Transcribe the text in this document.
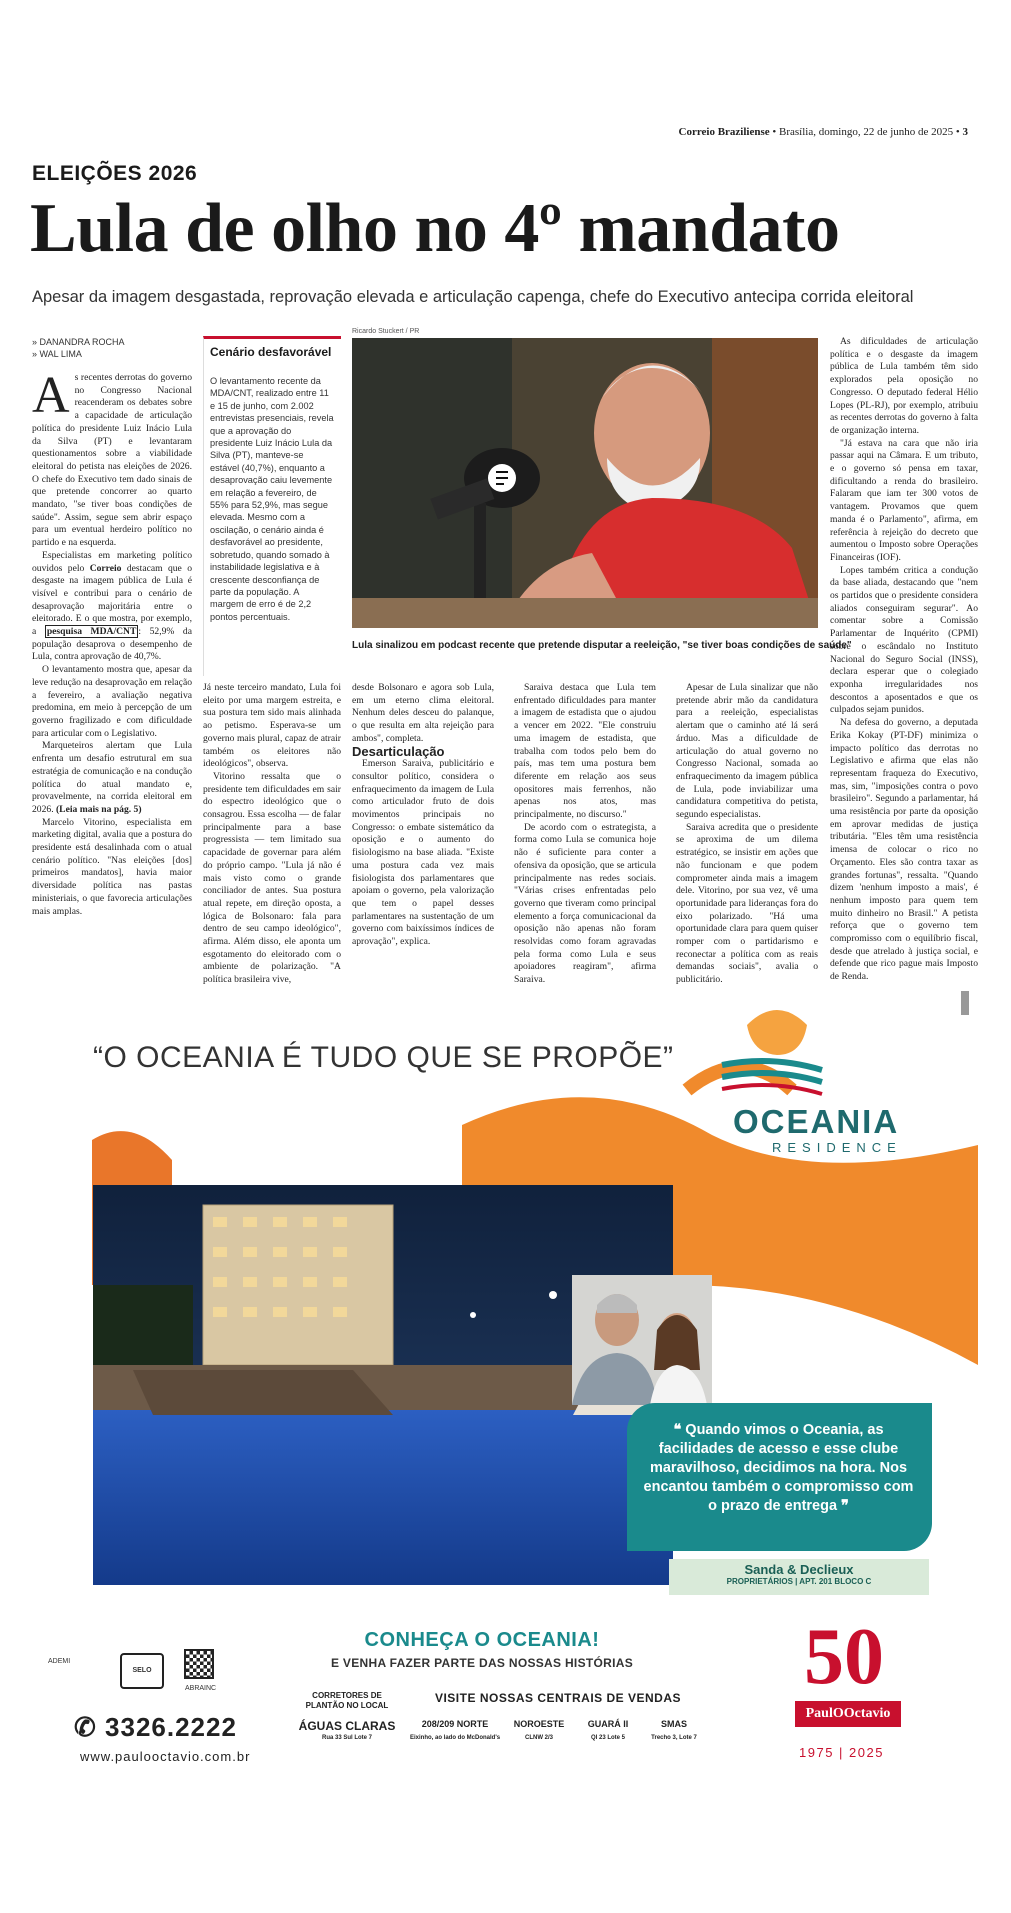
Correio Braziliense • Brasília, domingo, 22 de junho de 2025 • 3
ELEIÇÕES 2026
Lula de olho no 4º mandato
Apesar da imagem desgastada, reprovação elevada e articulação capenga, chefe do Executivo antecipa corrida eleitoral
» DANANDRA ROCHA
» WAL LIMA

As recentes derrotas do governo no Congresso Nacional reacenderam os debates sobre a capacidade de articulação política do presidente Luiz Inácio Lula da Silva (PT) e levantaram questionamentos sobre a viabilidade eleitoral do petista nas eleições de 2026. O chefe do Executivo tem dado sinais de que pretende concorrer ao quarto mandato, "se tiver boas condições de saúde". Assim, segue sem abrir espaço para um eventual herdeiro político no partido e na esquerda.

Especialistas em marketing político ouvidos pelo Correio destacam que o desgaste na imagem pública de Lula é visível e contribui para o cenário de desaprovação majoritária entre o eleitorado. E o que mostra, por exemplo, a pesquisa MDA/CNT : 52,9% da população desaprova o desempenho de Lula, contra aprovação de 40,7%.

O levantamento mostra que, apesar da leve redução na desaprovação em relação a fevereiro, a avaliação negativa predomina, em meio à percepção de um governo fragilizado e com dificuldade para articular com o Legislativo.

Marqueteiros alertam que Lula enfrenta um desafio estrutural em sua estratégia de comunicação e na condução política do atual mandato e, provavelmente, na corrida eleitoral em 2026. (Leia mais na pág. 5)

Marcelo Vitorino, especialista em marketing digital, avalia que a postura do presidente está desalinhada com o atual cenário político. "Nas eleições [dos] primeiros mandatos], havia maior diversidade política nas pastas ministeriais, o que favorecia articulações mais amplas.

Cenário desfavorável

O levantamento recente da MDA/CNT, realizado entre 11 e 15 de junho, com 2.002 entrevistas presenciais, revela que a aprovação do presidente Luiz Inácio Lula da Silva (PT), manteve-se estável (40,7%), enquanto a desaprovação caiu levemente em relação a fevereiro, de 55% para 52,9%, mas segue elevada. Mesmo com a oscilação, o cenário ainda é desfavorável ao presidente, sobretudo, quando somado à instabilidade legislativa e à crescente desconfiança de parte da população. A margem de erro é de 2,2 pontos percentuais.

Ricardo Stuckert / PR
Lula sinalizou em podcast recente que pretende disputar a reeleição, "se tiver boas condições de saúde"

Já neste terceiro mandato, Lula foi eleito por uma margem estreita, e sua postura tem sido mais alinhada ao petismo. Esperava-se um governo mais plural, capaz de atrair também os eleitores não ideológicos", observa.

Vitorino ressalta que o presidente tem dificuldades em sair do espectro ideológico que o consagrou. Essa escolha — de falar principalmente para a base progressista — tem limitado sua capacidade de governar para além do próprio campo. "Lula já não é mais visto como o grande conciliador de antes. Sua postura atual repete, em direção oposta, a lógica de Bolsonaro: fala para dentro de seu campo ideológico", afirma. Além disso, ele aponta um esgotamento do eleitorado com o ambiente de polarização. "A política brasileira vive,

desde Bolsonaro e agora sob Lula, em um eterno clima eleitoral. Nenhum deles desceu do palanque, o que resulta em alta rejeição para ambos", completa.

Desarticulação

Emerson Saraiva, publicitário e consultor político, considera o enfraquecimento da imagem de Lula como articulador fruto de dois movimentos principais no Congresso: o embate sistemático da oposição e o aumento do fisiologismo na base aliada. "Existe uma postura cada vez mais fisiologista dos parlamentares que apoiam o governo, pela valorização que tem o papel desses parlamentares na sustentação de um governo com baixíssimos índices de aprovação", explica.

Saraiva destaca que Lula tem enfrentado dificuldades para manter a imagem de estadista que o ajudou a vencer em 2022. "Ele construiu uma imagem de estadista, que trabalha com todos pelo bem do país, mas tem uma postura bem diferente em relação aos seus opositores mais ferrenhos, não apenas nos atos, mas principalmente, no discurso."

De acordo com o estrategista, a forma como Lula se comunica hoje não é suficiente para conter a ofensiva da oposição, que se articula principalmente nas redes sociais. "Várias crises enfrentadas pelo governo que tiveram como principal elemento a força comunicacional da oposição não apenas não foram resolvidas como foram agravadas pela forma como Lula e seus apoiadores reagiram", afirma Saraiva.

Apesar de Lula sinalizar que não pretende abrir mão da candidatura para a reeleição, especialistas alertam que o caminho até lá será árduo. Mas a dificuldade de articulação do atual governo no Congresso Nacional, somada ao enfraquecimento da imagem pública de Lula, pode inviabilizar uma candidatura competitiva do petista, segundo especialistas.

Saraiva acredita que o presidente se aproxima de um dilema estratégico, se insistir em ações que não funcionam e que podem comprometer ainda mais a imagem dele. Vitorino, por sua vez, vê uma oportunidade para lideranças fora do eixo polarizado. "Há uma oportunidade clara para quem quiser romper com o partidarismo e reconectar a política com as reais demandas sociais", avalia o publicitário.

As dificuldades de articulação política e o desgaste da imagem pública de Lula também têm sido explorados pela oposição no Congresso. O deputado federal Hélio Lopes (PL-RJ), por exemplo, atribuiu as recentes derrotas do governo à falta de organização interna.

"Já estava na cara que não iria passar aqui na Câmara. E um tributo, e o governo só pensa em taxar, dificultando a renda do brasileiro. Falaram que iam ter 300 votos de vantagem. Provamos que quem manda é o Parlamento", afirma, em referência à rejeição do decreto que aumentou o Imposto sobre Operações Financeiras (IOF).

Lopes também critica a condução da base aliada, destacando que "nem os partidos que o presidente considera aliados conseguiram segurar". Ao comentar sobre a Comissão Parlamentar de Inquérito (CPMI) sobre o escândalo no Instituto Nacional do Seguro Social (INSS), declara esperar que o colegiado exponha irregularidades nos descontos a aposentados e que os culpados sejam punidos.

Na defesa do governo, a deputada Erika Kokay (PT-DF) minimiza o impacto político das derrotas no Legislativo e afirma que elas não representam fraqueza do Executivo, mas, sim, "imposições contra o povo brasileiro". Segundo a parlamentar, há uma resistência por parte da oposição em aprovar medidas de justiça tributária. "Eles têm uma resistência imensa de colocar o rico no Orçamento. Eles são contra taxar as grandes fortunas", ressalta. "Quando dizem 'nenhum imposto a mais', é nenhum imposto para quem tem muito dinheiro no Brasil." A petista reforça que o governo tem compromisso com o equilíbrio fiscal, desde que atrelado à justiça social, e defende que rico pague mais Imposto de Renda.

“O OCEANIA É TUDO QUE SE PROPÕE”
OCEANIA
RESIDENCE
❝ Quando vimos o Oceania, as facilidades de acesso e esse clube maravilhoso, decidimos na hora. Nos encantou também o compromisso com o prazo de entrega ❞
Sanda & Declieux
PROPRIETÁRIOS | APT. 201 BLOCO C
CONHEÇA O OCEANIA!
E VENHA FAZER PARTE DAS NOSSAS HISTÓRIAS
ADEMI
SELO
ABRAINC
✆ 3326.2222
www.paulooctavio.com.br
CORRETORES DE PLANTÃO NO LOCAL
VISITE NOSSAS CENTRAIS DE VENDAS
ÁGUAS CLARAS
Rua 33 Sul Lote 7
208/209 NORTE
Eixinho, ao lado do McDonald's
NOROESTE
CLNW 2/3
GUARÁ II
QI 23 Lote 5
SMAS
Trecho 3, Lote 7
50
PaulOOctavio
1975 | 2025
